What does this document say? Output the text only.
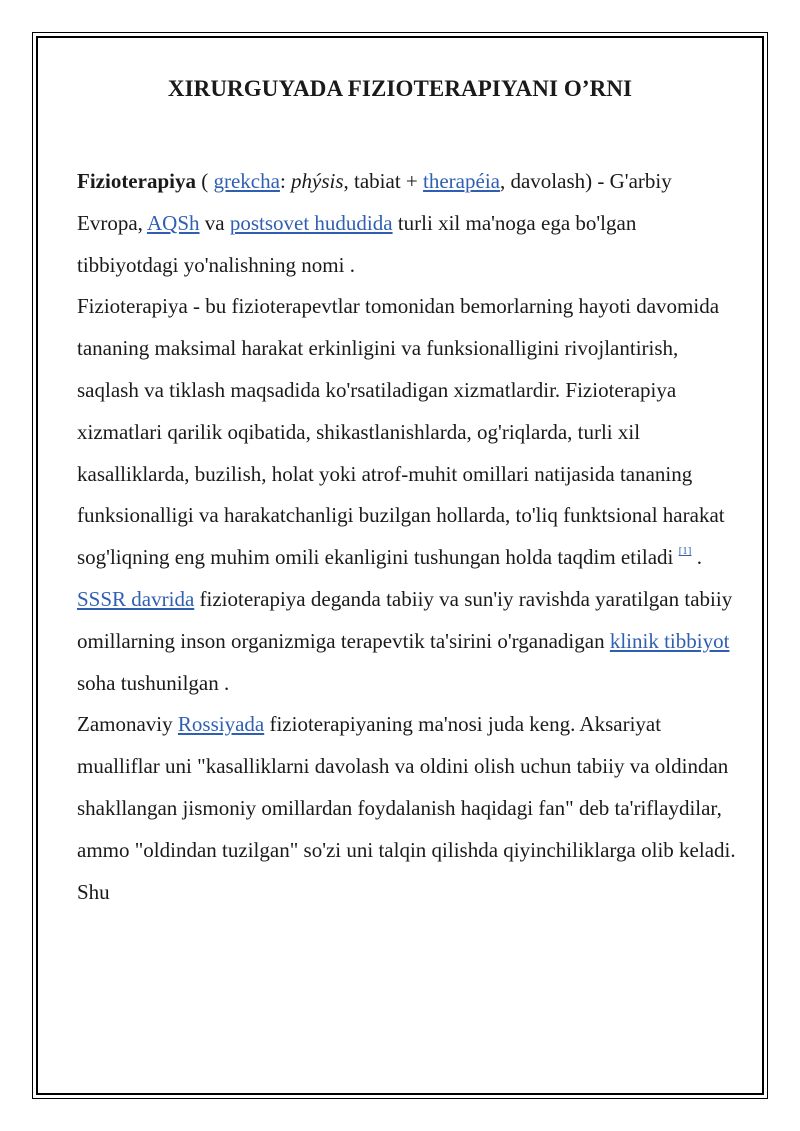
XIRURGUYADA FIZIOTERAPIYANI O’RNI

Fizioterapiya ( grekcha: phýsis, tabiat + therapéia, davolash) - G'arbiy Evropa, AQSh va postsovet hududida turli xil ma'noga ega bo'lgan tibbiyotdagi yo'nalishning nomi .

Fizioterapiya - bu fizioterapevtlar tomonidan bemorlarning hayoti davomida tananing maksimal harakat erkinligini va funksionalligini rivojlantirish, saqlash va tiklash maqsadida ko'rsatiladigan xizmatlardir. Fizioterapiya xizmatlari qarilik oqibatida, shikastlanishlarda, og'riqlarda, turli xil kasalliklarda, buzilish, holat yoki atrof-muhit omillari natijasida tananing funksionalligi va harakatchanligi buzilgan hollarda, to'liq funktsional harakat sog'liqning eng muhim omili ekanligini tushungan holda taqdim etiladi [1] .

SSSR davrida fizioterapiya deganda tabiiy va sun'iy ravishda yaratilgan tabiiy omillarning inson organizmiga terapevtik ta'sirini o'rganadigan klinik tibbiyot soha tushunilgan .

Zamonaviy Rossiyada fizioterapiyaning ma'nosi juda keng. Aksariyat mualliflar uni "kasalliklarni davolash va oldini olish uchun tabiiy va oldindan shakllangan jismoniy omillardan foydalanish haqidagi fan" deb ta'riflaydilar, ammo "oldindan tuzilgan" so'zi uni talqin qilishda qiyinchiliklarga olib keladi. Shu
